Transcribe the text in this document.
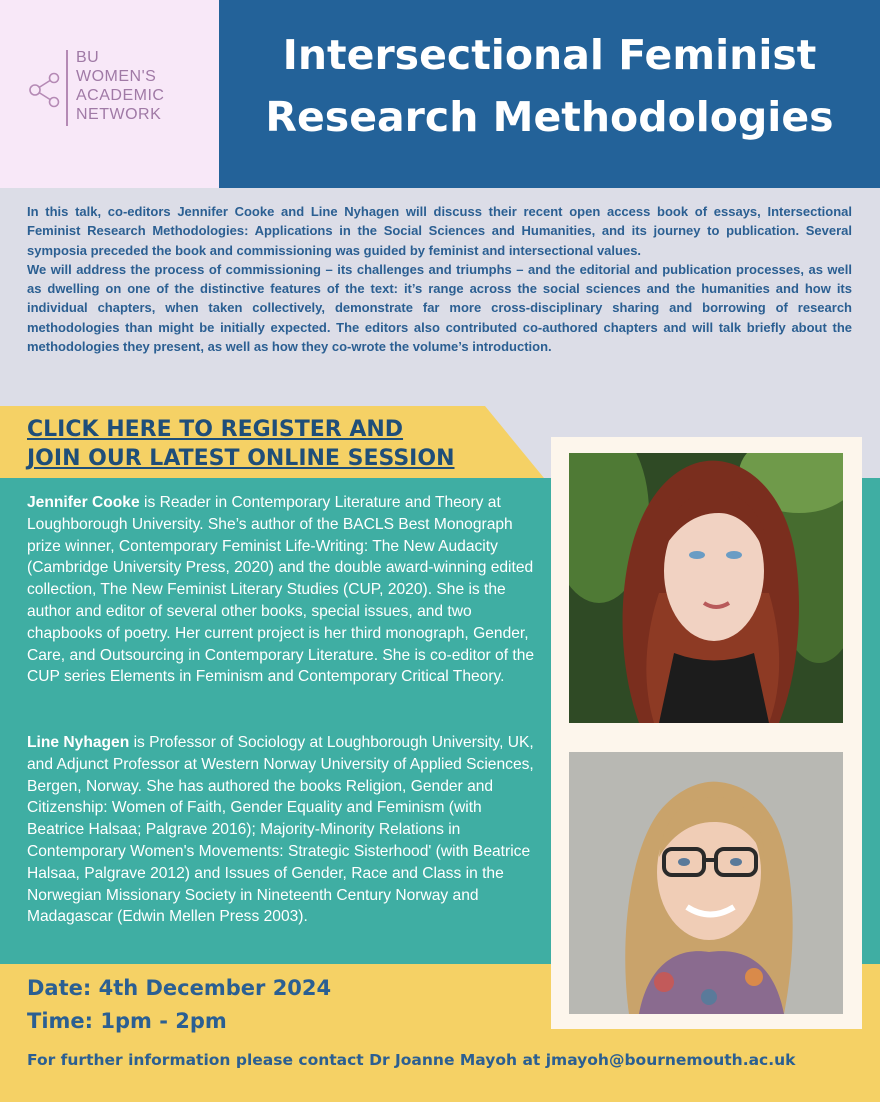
BU
WOMEN'S
ACADEMIC
NETWORK
Intersectional Feminist
Research Methodologies

In this talk, co-editors Jennifer Cooke and Line Nyhagen will discuss their recent open access book of essays, Intersectional Feminist Research Methodologies: Applications in the Social Sciences and Humanities, and its journey to publication. Several symposia preceded the book and commissioning was guided by feminist and intersectional values.

We will address the process of commissioning – its challenges and triumphs – and the editorial and publication processes, as well as dwelling on one of the distinctive features of the text: it’s range across the social sciences and the humanities and how its individual chapters, when taken collectively, demonstrate far more cross-disciplinary sharing and borrowing of research methodologies than might be initially expected. The editors also contributed co-authored chapters and will talk briefly about the methodologies they present, as well as how they co-wrote the volume’s introduction.

CLICK HERE TO REGISTER AND
JOIN OUR LATEST ONLINE SESSION
Jennifer Cooke is Reader in Contemporary Literature and Theory at Loughborough University. She’s author of the BACLS Best Monograph prize winner, Contemporary Feminist Life-Writing: The New Audacity (Cambridge University Press, 2020) and the double award-winning edited collection, The New Feminist Literary Studies (CUP, 2020). She is the author and editor of several other books, special issues, and two chapbooks of poetry. Her current project is her third monograph, Gender, Care, and Outsourcing in Contemporary Literature. She is co-editor of the CUP series Elements in Feminism and Contemporary Critical Theory.
Line Nyhagen is Professor of Sociology at Loughborough University, UK, and Adjunct Professor at Western Norway University of Applied Sciences, Bergen, Norway. She has authored the books Religion, Gender and Citizenship: Women of Faith, Gender Equality and Feminism (with Beatrice Halsaa; Palgrave 2016); Majority-Minority Relations in Contemporary Women's Movements: Strategic Sisterhood' (with Beatrice Halsaa, Palgrave 2012) and Issues of Gender, Race and Class in the Norwegian Missionary Society in Nineteenth Century Norway and Madagascar (Edwin Mellen Press 2003).
Date: 4th December 2024
Time: 1pm - 2pm
For further information please contact Dr Joanne Mayoh at jmayoh@bournemouth.ac.uk
